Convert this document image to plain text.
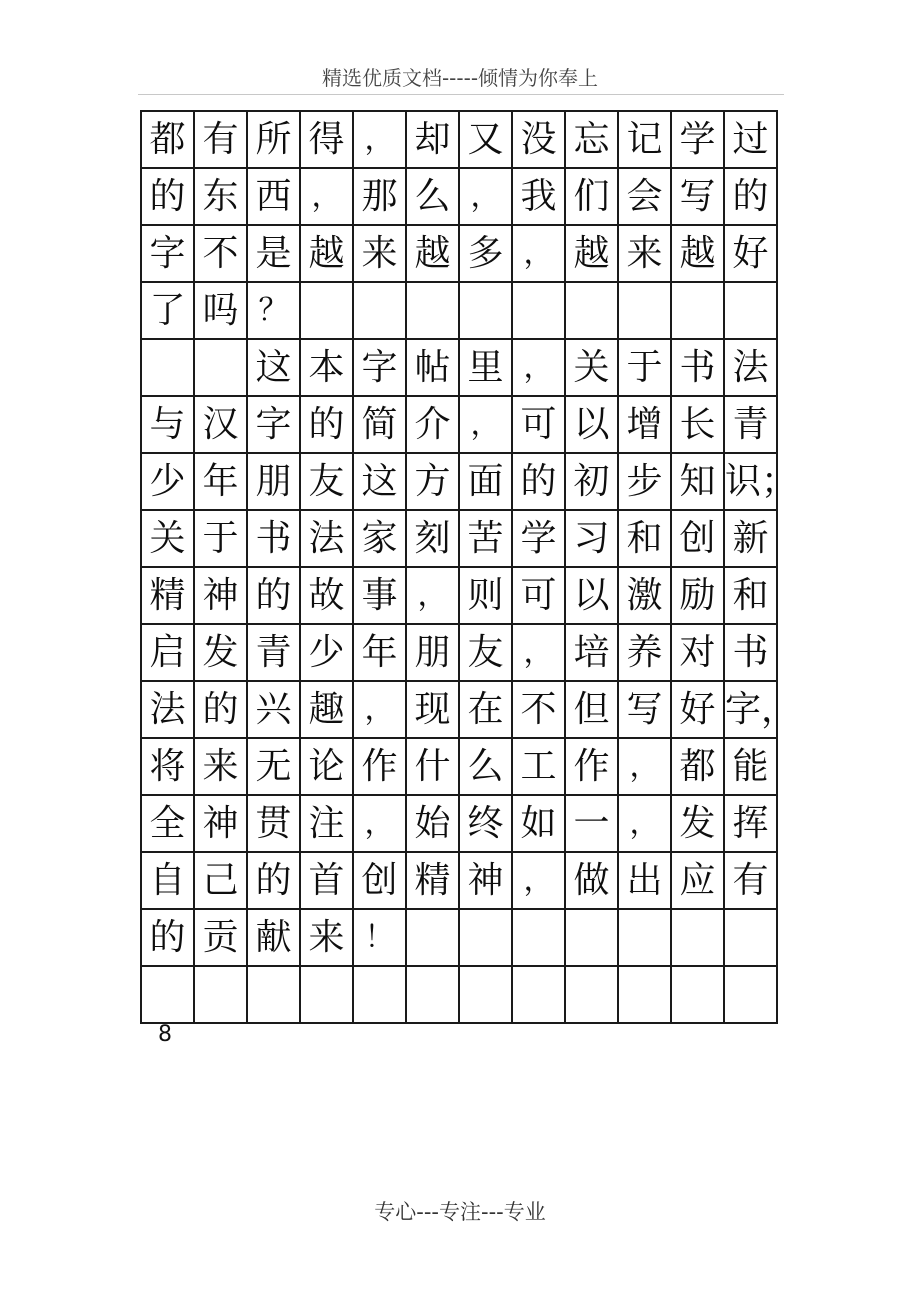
精选优质文档-----倾情为你奉上
都	有	所	得	，	却	又	没	忘	记	学	过
的	东	西	，	那	么	，	我	们	会	写	的
字	不	是	越	来	越	多	，	越	来	越	好
了	吗	？									
		这	本	字	帖	里	，	关	于	书	法
与	汉	字	的	简	介	，	可	以	增	长	青
少	年	朋	友	这	方	面	的	初	步	知	识；
关	于	书	法	家	刻	苦	学	习	和	创	新
精	神	的	故	事	，	则	可	以	激	励	和
启	发	青	少	年	朋	友	，	培	养	对	书
法	的	兴	趣	，	现	在	不	但	写	好	字，
将	来	无	论	作	什	么	工	作	，	都	能
全	神	贯	注	，	始	终	如	一	，	发	挥
自	己	的	首	创	精	神	，	做	出	应	有
的	贡	献	来	！							

8
专心---专注---专业
